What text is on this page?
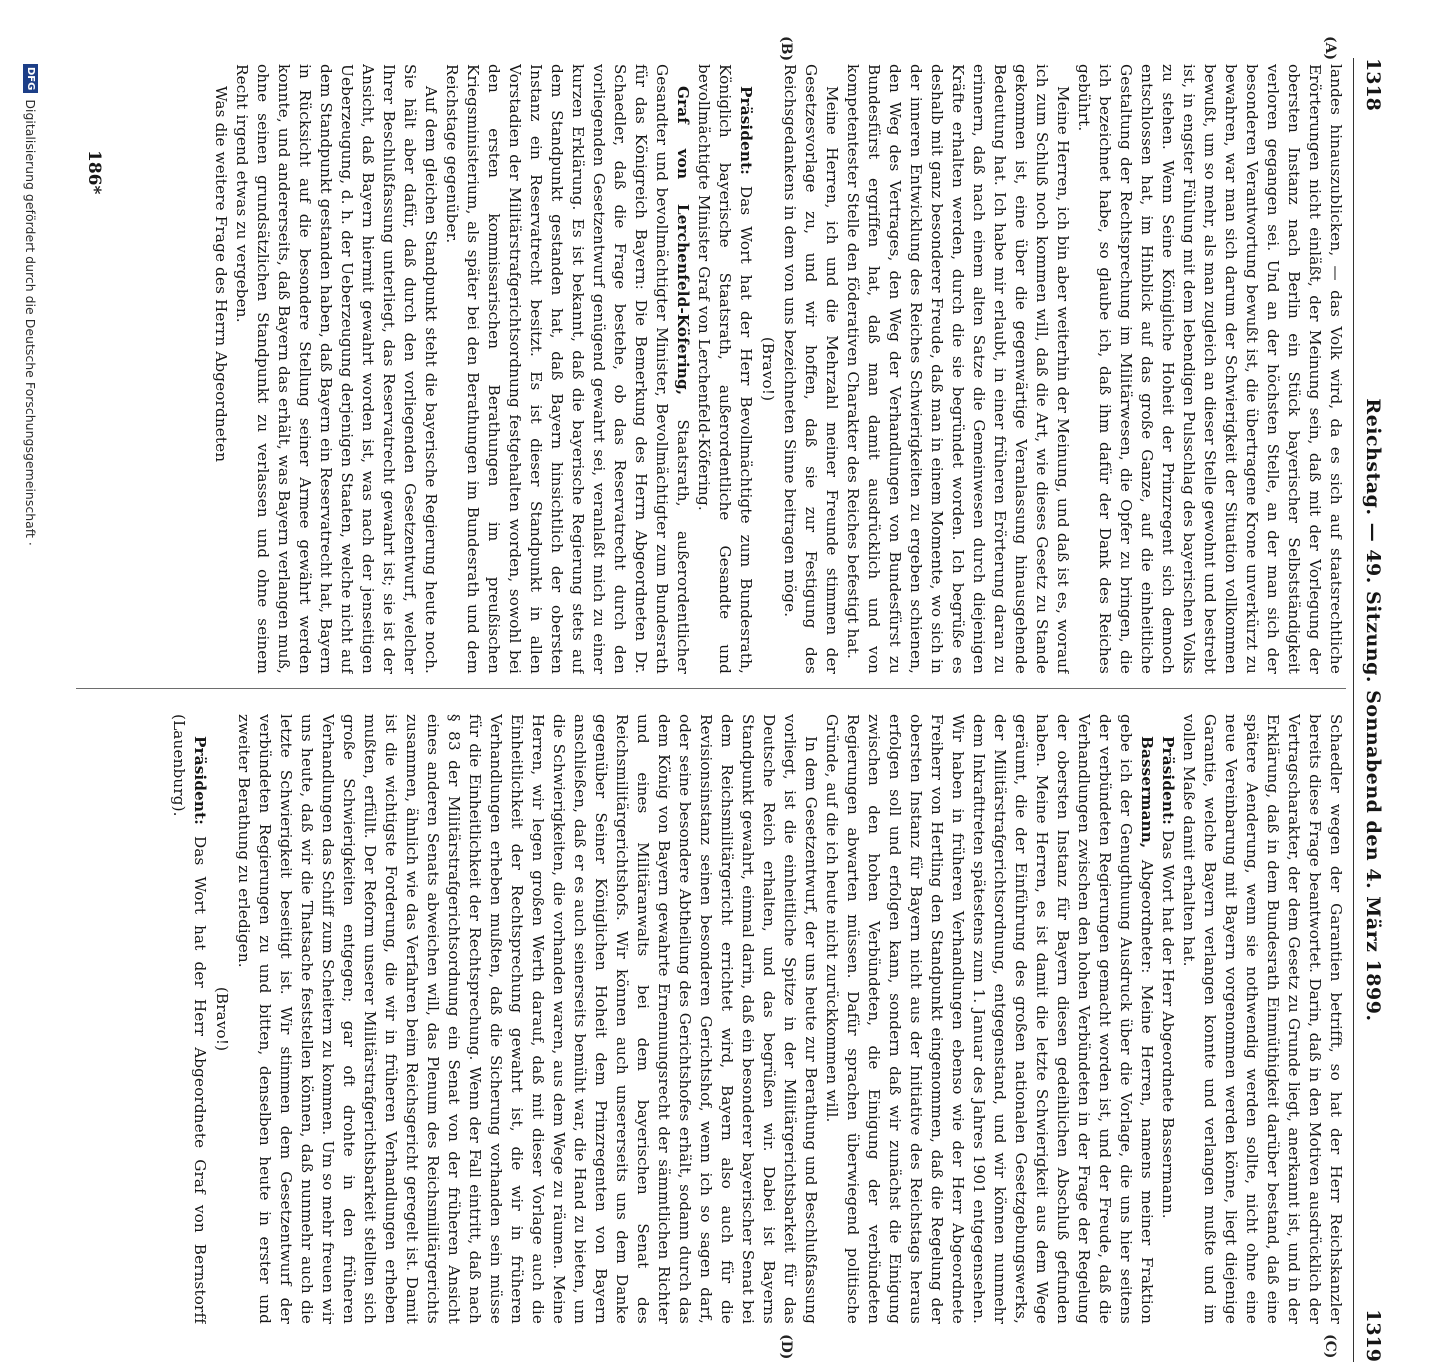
1318
Reichstag. — 49. Sitzung. Sonnabend den 4. März 1899.
1319
(A)
(B)
(C)
(D)

landes hinauszublicken, — das Volk wird, da es sich auf staatsrechtliche Erörterungen nicht einläßt, der Meinung sein, daß mit der Vorlegung der obersten Instanz nach Berlin ein Stück bayerischer Selbstständigkeit verloren gegangen sei. Und an der höchsten Stelle, an der man sich der besonderen Verantwortung bewußt ist, die übertragene Krone unverkürzt zu bewahren, war man sich darum der Schwierigkeit der Situation vollkommen bewußt, um so mehr, als man zugleich an dieser Stelle gewohnt und bestrebt ist, in engster Fühlung mit dem lebendigen Pulsschlag des bayerischen Volks zu stehen. Wenn Seine Königliche Hoheit der Prinzregent sich dennoch entschlossen hat, im Hinblick auf das große Ganze, auf die einheitliche Gestaltung der Rechtsprechung im Militärwesen, die Opfer zu bringen, die ich bezeichnet habe, so glaube ich, daß ihm dafür der Dank des Reiches gebührt.

Meine Herren, ich bin aber weiterhin der Meinung, und daß ist es, worauf ich zum Schluß noch kommen will, daß die Art, wie dieses Gesetz zu Stande gekommen ist, eine über die gegenwärtige Veranlassung hinausgehende Bedeutung hat. Ich habe mir erlaubt, in einer früheren Erörterung daran zu erinnern, daß nach einem alten Satze die Gemeinwesen durch diejenigen Kräfte erhalten werden, durch die sie begründet worden. Ich begrüße es deshalb mit ganz besonderer Freude, daß man in einem Momente, wo sich in der inneren Entwicklung des Reiches Schwierigkeiten zu ergeben schienen, den Weg des Vertrages, den Weg der Verhandlungen von Bundesfürst zu Bundesfürst ergriffen hat, daß man damit ausdrücklich und von kompetentester Stelle den föderativen Charakter des Reiches befestigt hat.

Meine Herren, ich und die Mehrzahl meiner Freunde stimmen der Gesetzesvorlage zu, und wir hoffen, daß sie zur Festigung des Reichsgedankens in dem von uns bezeichneten Sinne beitragen möge.

(Bravo!)

Präsident: Das Wort hat der Herr Bevollmächtigte zum Bundesrath, Königlich bayerische Staatsrath, außerordentliche Gesandte und bevollmächtigte Minister Graf von Lerchenfeld-Köfering.

Graf von Lerchenfeld-Köfering, Staatsrath, außerordentlicher Gesandter und bevollmächtigter Minister, Bevollmächtigter zum Bundesrath für das Königreich Bayern: Die Bemerkung des Herrn Abgeordneten Dr. Schaedler, daß die Frage bestehe, ob das Reservatrecht durch den vorliegenden Gesetzentwurf genügend gewahrt sei, veranlaßt mich zu einer kurzen Erklärung. Es ist bekannt, daß die bayerische Regierung stets auf dem Standpunkt gestanden hat, daß Bayern hinsichtlich der obersten Instanz ein Reservatrecht besitzt. Es ist dieser Standpunkt in allen Vorstadien der Militärstrafgerichtsordnung festgehalten worden, sowohl bei den ersten kommissarischen Berathungen im preußischen Kriegsministerium, als später bei den Berathungen im Bundesrath und dem Reichstage gegenüber.

Auf dem gleichen Standpunkt steht die bayerische Regierung heute noch. Sie hält aber dafür, daß durch den vorliegenden Gesetzentwurf, welcher Ihrer Beschlußfassung unterliegt, das Reservatrecht gewahrt ist; sie ist der Ansicht, daß Bayern hiermit gewahrt worden ist, was nach der jenseitigen Ueberzeugung, d. h. der Ueberzeugung derjenigen Staaten, welche nicht auf dem Standpunkt gestanden haben, daß Bayern ein Reservatrecht hat, Bayern in Rücksicht auf die besondere Stellung seiner Armee gewährt werden konnte, und andererseits, daß Bayern das erhält, was Bayern verlangen muß, ohne seinen grundsätzlichen Standpunkt zu verlassen und ohne seinem Recht irgend etwas zu vergeben.

Was die weitere Frage des Herrn Abgeordneten

Schaedler wegen der Garantien betrifft, so hat der Herr Reichskanzler bereits diese Frage beantwortet. Darin, daß in den Motiven ausdrücklich der Vertragscharakter, der dem Gesetz zu Grunde liegt, anerkannt ist, und in der Erklärung, daß in dem Bundesrath Einmüthigkeit darüber bestand, daß eine spätere Aenderung, wenn sie nothwendig werden sollte, nicht ohne eine neue Vereinbarung mit Bayern vorgenommen werden könne, liegt diejenige Garantie, welche Bayern verlangen konnte und verlangen mußte und im vollen Maße damit erhalten hat.

Präsident: Das Wort hat der Herr Abgeordnete Bassermann.

Bassermann, Abgeordneter: Meine Herren, namens meiner Fraktion gebe ich der Genugthuung Ausdruck über die Vorlage, die uns hier seitens der verbündeten Regierungen gemacht worden ist, und der Freude, daß die Verhandlungen zwischen den hohen Verbündeten in der Frage der Regelung der obersten Instanz für Bayern diesen gedeihlichen Abschluß gefunden haben. Meine Herren, es ist damit die letzte Schwierigkeit aus dem Wege geräumt, die der Einführung des großen nationalen Gesetzgebungswerks, der Militärstrafgerichtsordnung, entgegenstand, und wir können nunmehr dem Inkrafttreten spätestens zum 1. Januar des Jahres 1901 entgegensehen. Wir haben in früheren Verhandlungen ebenso wie der Herr Abgeordnete Freiherr von Hertling den Standpunkt eingenommen, daß die Regelung der obersten Instanz für Bayern nicht aus der Initiative des Reichstags heraus erfolgen soll und erfolgen kann, sondern daß wir zunächst die Einigung zwischen den hohen Verbündeten, die Einigung der verbündeten Regierungen abwarten müssen. Dafür sprachen überwiegend politische Gründe, auf die ich heute nicht zurückkommen will.

In dem Gesetzentwurf, der uns heute zur Berathung und Beschlußfassung vorliegt, ist die einheitliche Spitze in der Militärgerichtsbarkeit für das Deutsche Reich erhalten, und das begrüßen wir. Dabei ist Bayerns Standpunkt gewahrt, einmal darin, daß ein besonderer bayerischer Senat bei dem Reichsmilitärgericht errichtet wird, Bayern also auch für die Revisionsinstanz seinen besonderen Gerichtshof, wenn ich so sagen darf, oder seine besondere Abtheilung des Gerichtshofes erhält, sodann durch das dem König von Bayern gewahrte Ernennungsrecht der sämmtlichen Richter und eines Militäranwalts bei dem bayerischen Senat des Reichsmilitärgerichtshofs. Wir können auch unsererseits uns dem Danke gegenüber Seiner Königlichen Hoheit dem Prinzregenten von Bayern anschließen, daß er es auch seinerseits bemüht war, die Hand zu bieten, um die Schwierigkeiten, die vorhanden waren, aus dem Wege zu räumen. Meine Herren, wir legen großen Werth darauf, daß mit dieser Vorlage auch die Einheitlichkeit der Rechtsprechung gewahrt ist, die wir in früheren Verhandlungen erheben mußten, daß die Sicherung vorhanden sein müsse für die Einheitlichkeit der Rechtsprechung. Wenn der Fall eintritt, daß nach § 83 der Militärstrafgerichtsordnung ein Senat von der früheren Ansicht eines anderen Senats abweichen will, das Plenum des Reichsmilitärgerichts zusammen, ähnlich wie das Verfahren beim Reichsgericht geregelt ist. Damit ist die wichtigste Forderung, die wir in früheren Verhandlungen erheben mußten, erfüllt. Der Reform unserer Militärstrafgerichtsbarkeit stellten sich große Schwierigkeiten entgegen; gar oft drohte in den früheren Verhandlungen das Schiff zum Scheitern zu kommen. Um so mehr freuen wir uns heute, daß wir die Thatsache feststellen können, daß nunmehr auch die letzte Schwierigkeit beseitigt ist. Wir stimmen dem Gesetzentwurf der verbündeten Regierungen zu und bitten, denselben heute in erster und zweiter Berathung zu erledigen.

(Bravo!)

Präsident: Das Wort hat der Herr Abgeordnete Graf von Bernstorff (Lauenburg).

186*
DFG
Digitalisierung gefördert durch die Deutsche Forschungsgemeinschaft ·
